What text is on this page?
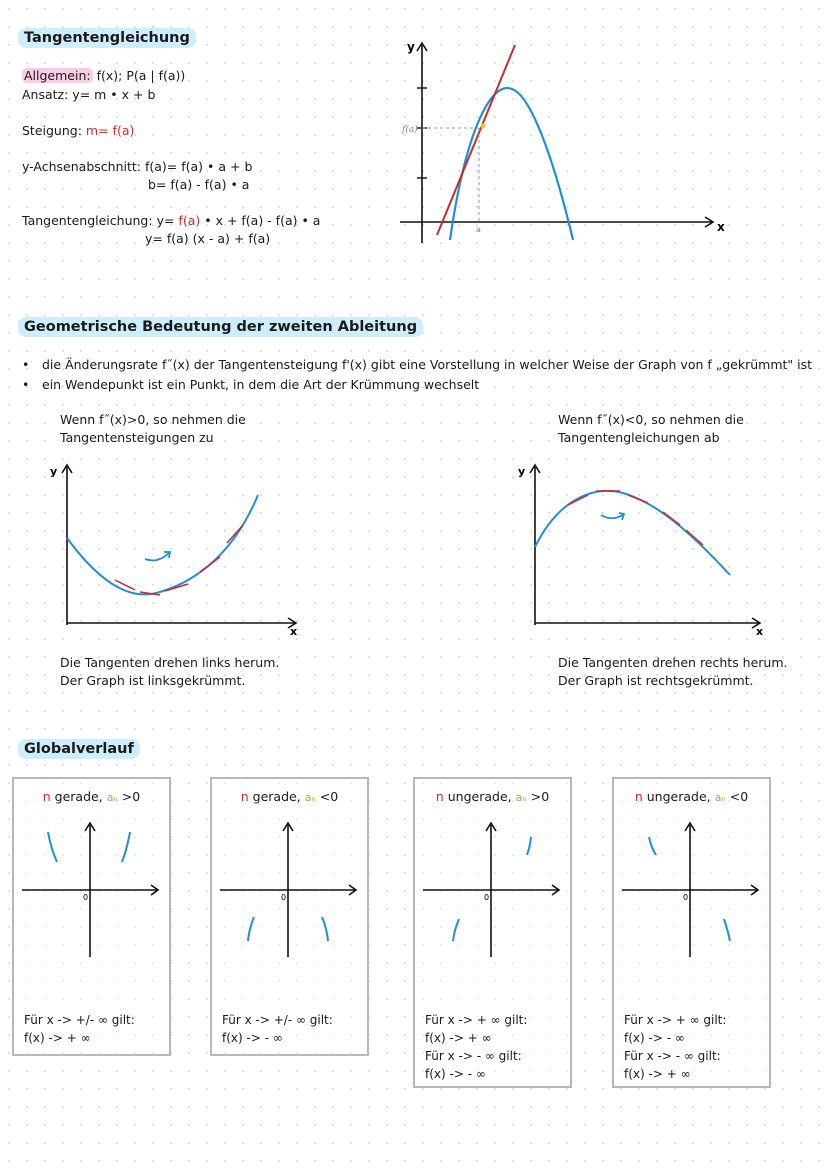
Tangentengleichung
Allgemein: f(x); P(a | f(a))
Ansatz: y= m • x + b
Steigung: m= f(a)
y-Achsenabschnitt: f(a)= f(a) • a + b
b= f(a) - f(a) • a
Tangentengleichung: y= f(a) • x + f(a) - f(a) • a
y= f(a) (x - a) + f(a)
y
x
f(a)
a
Geometrische Bedeutung der zweiten Ableitung
• die Änderungsrate f˝(x) der Tangentensteigung f'(x) gibt eine Vorstellung in welcher Weise der Graph von f „gekrümmt" ist
• ein Wendepunkt ist ein Punkt, in dem die Art der Krümmung wechselt
Wenn f˝(x)>0, so nehmen die
Tangentensteigungen zu
y
x
Die Tangenten drehen links herum.
Der Graph ist linksgekrümmt.
Wenn f˝(x)<0, so nehmen die
Tangentengleichungen ab
y
x
Die Tangenten drehen rechts herum.
Der Graph ist rechtsgekrümmt.
Globalverlauf
n gerade, aₙ >0
0
Für x -> +/- ∞ gilt:
f(x) -> + ∞
n gerade, aₙ <0
0
Für x -> +/- ∞ gilt:
f(x) -> - ∞
n ungerade, aₙ >0
0
Für x -> + ∞ gilt:
f(x) -> + ∞
Für x -> - ∞ gilt:
f(x) -> - ∞
n ungerade, aₙ <0
0
Für x -> + ∞ gilt:
f(x) -> - ∞
Für x -> - ∞ gilt:
f(x) -> + ∞
